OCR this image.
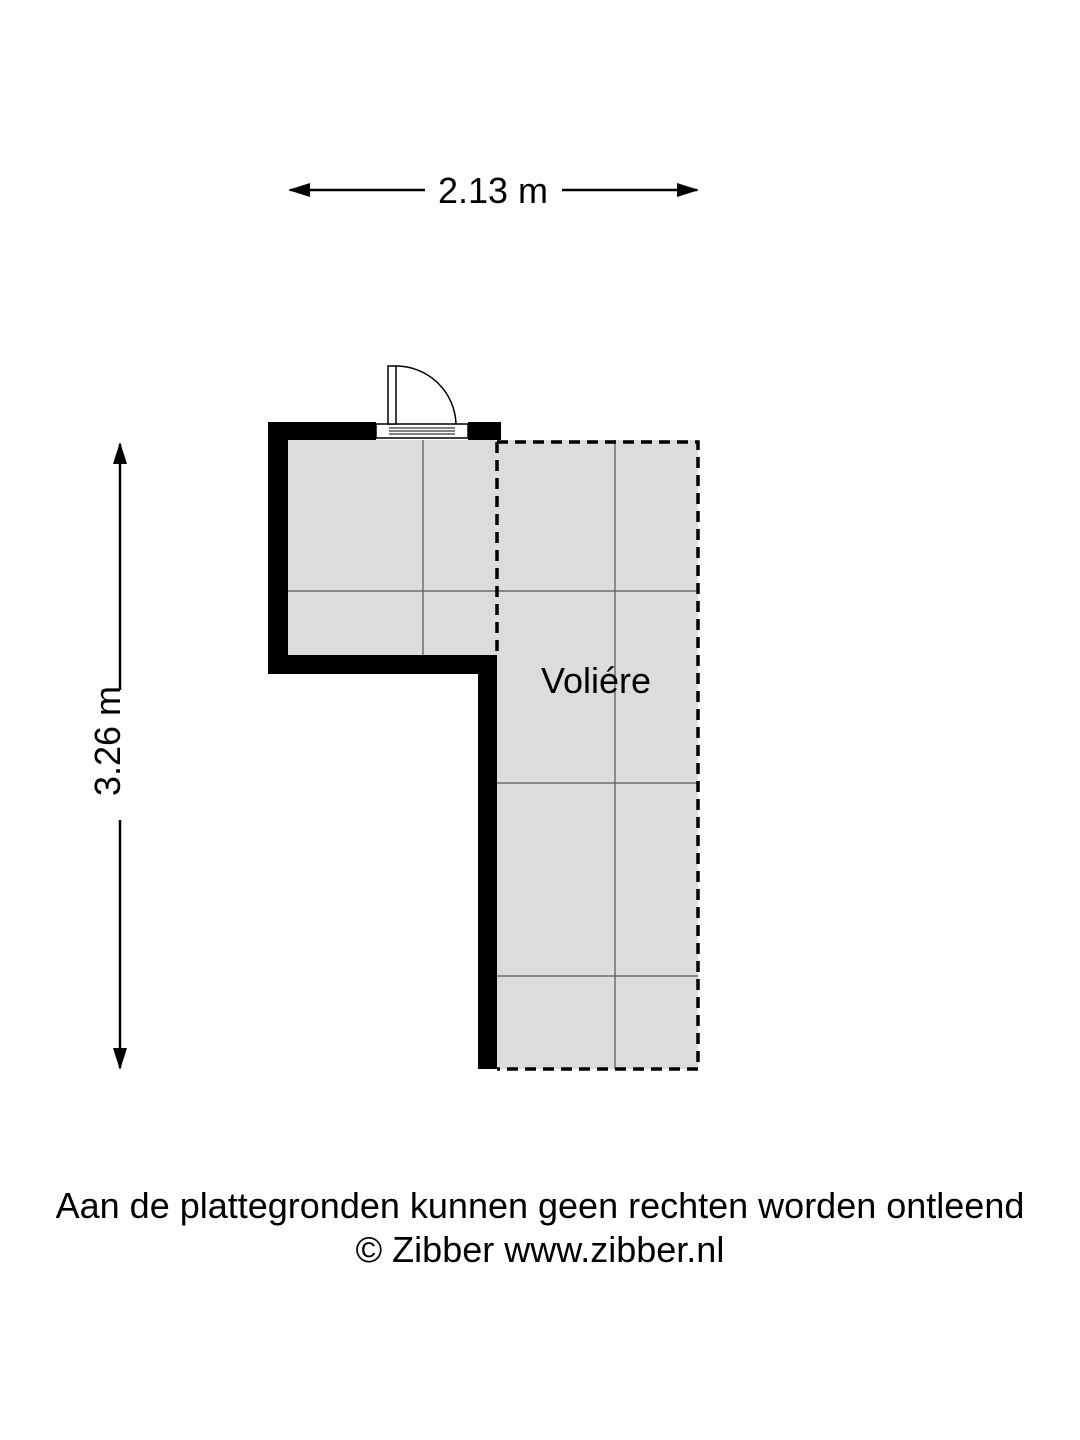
2.13 m
3.26 m
Voliére
Aan de plattegronden kunnen geen rechten worden ontleend
© Zibber www.zibber.nl
